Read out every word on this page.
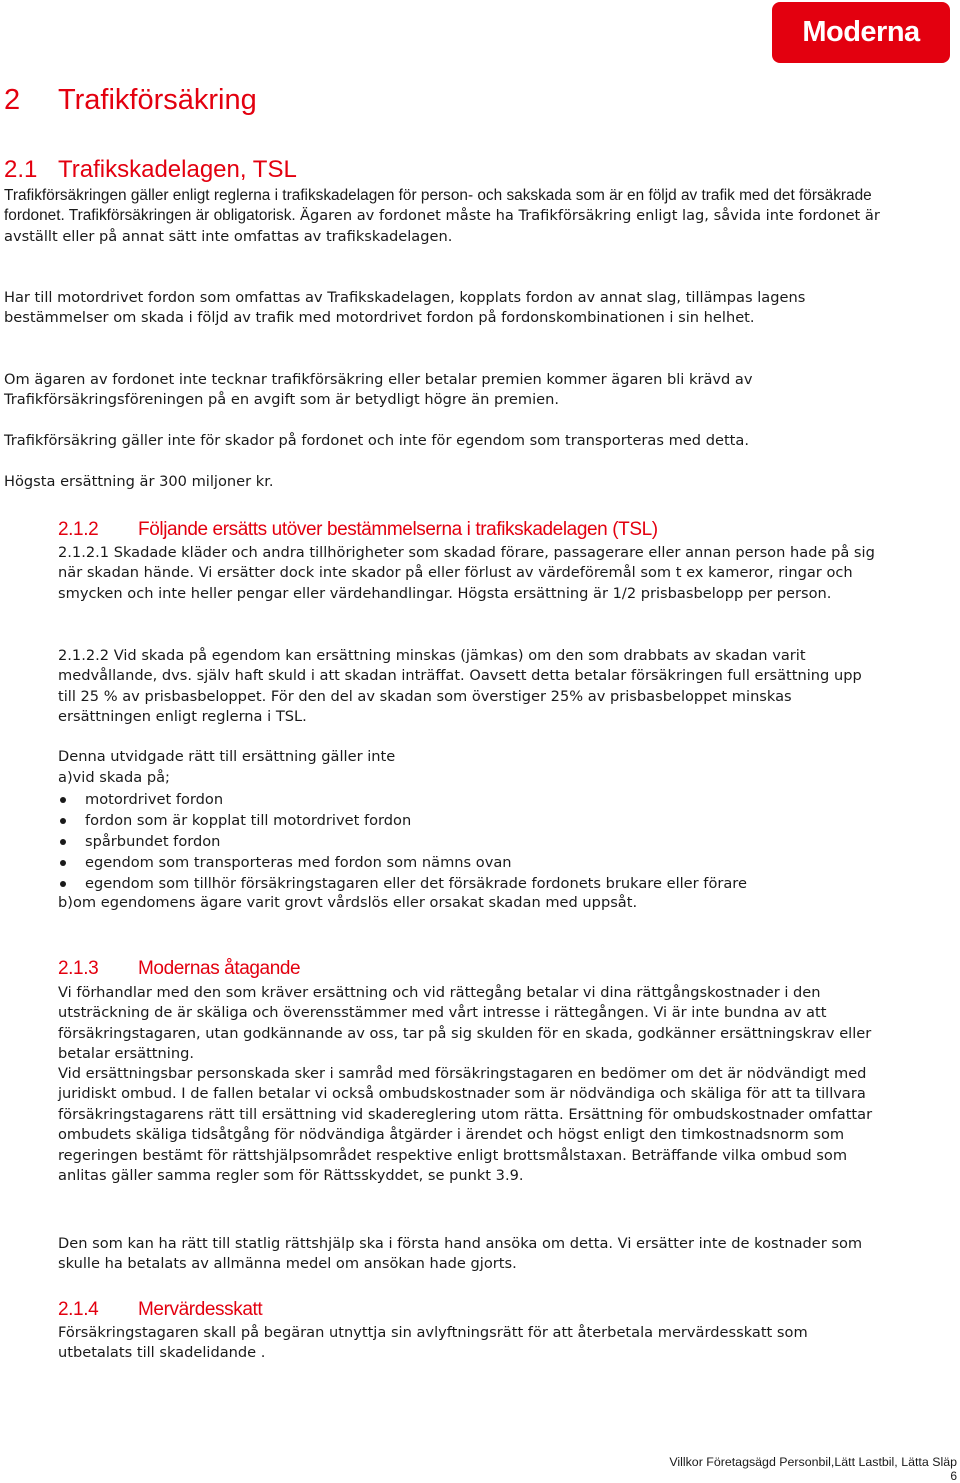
Moderna
2 Trafikförsäkring
2.1 Trafikskadelagen, TSL

Trafikförsäkringen gäller enligt reglerna i trafikskadelagen för person- och sakskada som är en följd av trafik med det försäkrade fordonet. Trafikförsäkringen är obligatorisk. Ägaren av fordonet måste ha Trafikförsäkring enligt lag, såvida inte fordonet är avställt eller på annat sätt inte omfattas av trafikskadelagen.

Har till motordrivet fordon som omfattas av Trafikskadelagen, kopplats fordon av annat slag, tillämpas lagens bestämmelser om skada i följd av trafik med motordrivet fordon på fordonskombinationen i sin helhet.

Om ägaren av fordonet inte tecknar trafikförsäkring eller betalar premien kommer ägaren bli krävd av Trafikförsäkringsföreningen på en avgift som är betydligt högre än premien.

Trafikförsäkring gäller inte för skador på fordonet och inte för egendom som transporteras med detta.

Högsta ersättning är 300 miljoner kr.

2.1.2 Följande ersätts utöver bestämmelserna i trafikskadelagen (TSL)

2.1.2.1 Skadade kläder och andra tillhörigheter som skadad förare, passagerare eller annan person hade på sig när skadan hände. Vi ersätter dock inte skador på eller förlust av värdeföremål som t ex kameror, ringar och smycken och inte heller pengar eller värdehandlingar. Högsta ersättning är 1/2 prisbasbelopp per person.

2.1.2.2 Vid skada på egendom kan ersättning minskas (jämkas) om den som drabbats av skadan varit medvållande, dvs. själv haft skuld i att skadan inträffat. Oavsett detta betalar försäkringen full ersättning upp till 25 % av prisbasbeloppet. För den del av skadan som överstiger 25% av prisbasbeloppet minskas ersättningen enligt reglerna i TSL.

Denna utvidgade rätt till ersättning gäller inte

a)vid skada på;

motordrivet fordon
fordon som är kopplat till motordrivet fordon
spårbundet fordon
egendom som transporteras med fordon som nämns ovan
egendom som tillhör försäkringstagaren eller det försäkrade fordonets brukare eller förare

b)om egendomens ägare varit grovt vårdslös eller orsakat skadan med uppsåt.

2.1.3 Modernas åtagande

Vi förhandlar med den som kräver ersättning och vid rättegång betalar vi dina rättgångskostnader i den utsträckning de är skäliga och överensstämmer med vårt intresse i rättegången. Vi är inte bundna av att försäkringstagaren, utan godkännande av oss, tar på sig skulden för en skada, godkänner ersättningskrav eller betalar ersättning.

Vid ersättningsbar personskada sker i samråd med försäkringstagaren en bedömer om det är nödvändigt med juridiskt ombud. I de fallen betalar vi också ombudskostnader som är nödvändiga och skäliga för att ta tillvara försäkringstagarens rätt till ersättning vid skadereglering utom rätta. Ersättning för ombudskostnader omfattar ombudets skäliga tidsåtgång för nödvändiga åtgärder i ärendet och högst enligt den timkostnadsnorm som regeringen bestämt för rättshjälpsområdet respektive enligt brottsmålstaxan. Beträffande vilka ombud som anlitas gäller samma regler som för Rättsskyddet, se punkt 3.9.

Den som kan ha rätt till statlig rättshjälp ska i första hand ansöka om detta. Vi ersätter inte de kostnader som skulle ha betalats av allmänna medel om ansökan hade gjorts.

2.1.4 Mervärdesskatt

Försäkringstagaren skall på begäran utnyttja sin avlyftningsrätt för att återbetala mervärdesskatt som utbetalats till skadelidande .

Villkor Företagsägd Personbil,Lätt Lastbil, Lätta Släp
6
